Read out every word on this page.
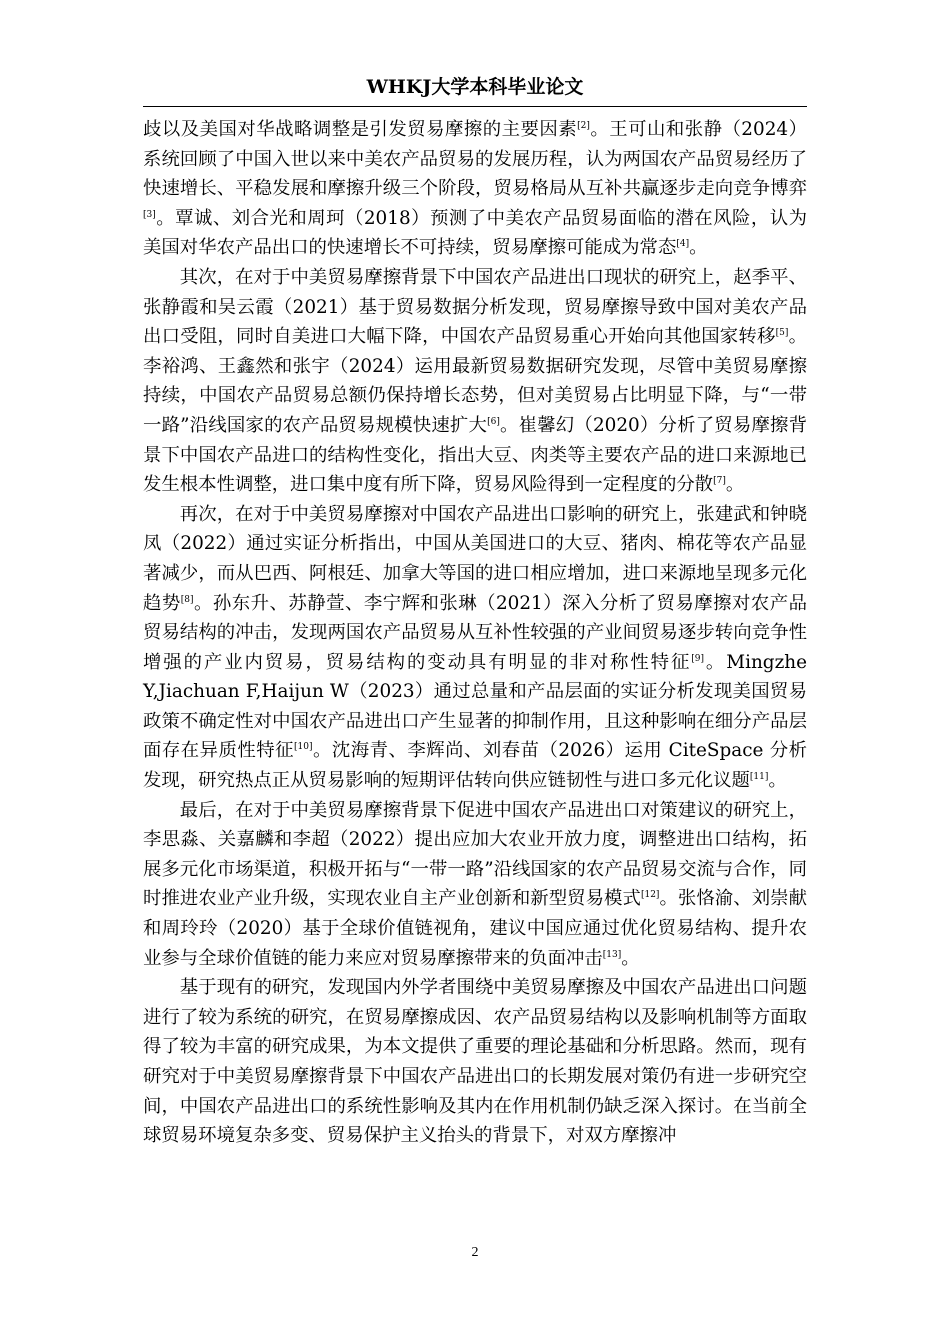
WHKJ大学本科毕业论文

歧以及美国对华战略调整是引发贸易摩擦的主要因素[2]。王可山和张静（2024）系统回顾了中国入世以来中美农产品贸易的发展历程，认为两国农产品贸易经历了快速增长、平稳发展和摩擦升级三个阶段，贸易格局从互补共赢逐步走向竞争博弈[3]。覃诚、刘合光和周珂（2018）预测了中美农产品贸易面临的潜在风险，认为美国对华农产品出口的快速增长不可持续，贸易摩擦可能成为常态[4]。

其次，在对于中美贸易摩擦背景下中国农产品进出口现状的研究上，赵季平、张静霞和吴云霞（2021）基于贸易数据分析发现，贸易摩擦导致中国对美农产品出口受阻，同时自美进口大幅下降，中国农产品贸易重心开始向其他国家转移[5]。李裕鸿、王鑫然和张宇（2024）运用最新贸易数据研究发现，尽管中美贸易摩擦持续，中国农产品贸易总额仍保持增长态势，但对美贸易占比明显下降，与“一带一路”沿线国家的农产品贸易规模快速扩大[6]。崔馨幻（2020）分析了贸易摩擦背景下中国农产品进口的结构性变化，指出大豆、肉类等主要农产品的进口来源地已发生根本性调整，进口集中度有所下降，贸易风险得到一定程度的分散[7]。

再次，在对于中美贸易摩擦对中国农产品进出口影响的研究上，张建武和钟晓凤（2022）通过实证分析指出，中国从美国进口的大豆、猪肉、棉花等农产品显著减少，而从巴西、阿根廷、加拿大等国的进口相应增加，进口来源地呈现多元化趋势[8]。孙东升、苏静萱、李宁辉和张琳（2021）深入分析了贸易摩擦对农产品贸易结构的冲击，发现两国农产品贸易从互补性较强的产业间贸易逐步转向竞争性增强的产业内贸易，贸易结构的变动具有明显的非对称性特征[9]。Mingzhe Y,Jiachuan F,Haijun W（2023）通过总量和产品层面的实证分析发现美国贸易政策不确定性对中国农产品进出口产生显著的抑制作用，且这种影响在细分产品层面存在异质性特征[10]。沈海青、李辉尚、刘春苗（2026）运用 CiteSpace 分析发现，研究热点正从贸易影响的短期评估转向供应链韧性与进口多元化议题[11]。

最后，在对于中美贸易摩擦背景下促进中国农产品进出口对策建议的研究上，李思淼、关嘉麟和李超（2022）提出应加大农业开放力度，调整进出口结构，拓展多元化市场渠道，积极开拓与“一带一路”沿线国家的农产品贸易交流与合作，同时推进农业产业升级，实现农业自主产业创新和新型贸易模式[12]。张恪渝、刘崇献和周玲玲（2020）基于全球价值链视角，建议中国应通过优化贸易结构、提升农业参与全球价值链的能力来应对贸易摩擦带来的负面冲击[13]。

基于现有的研究，发现国内外学者围绕中美贸易摩擦及中国农产品进出口问题进行了较为系统的研究，在贸易摩擦成因、农产品贸易结构以及影响机制等方面取得了较为丰富的研究成果，为本文提供了重要的理论基础和分析思路。然而，现有研究对于中美贸易摩擦背景下中国农产品进出口的长期发展对策仍有进一步研究空间，中国农产品进出口的系统性影响及其内在作用机制仍缺乏深入探讨。在当前全球贸易环境复杂多变、贸易保护主义抬头的背景下，对双方摩擦冲

2
